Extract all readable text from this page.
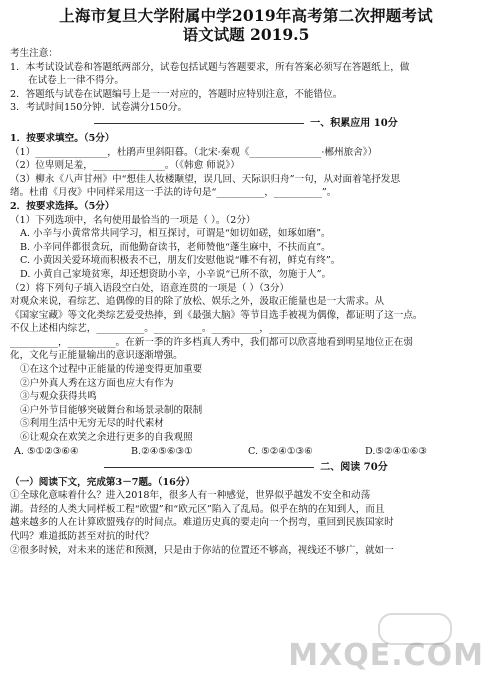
上海市复旦大学附属中学2019年高考第二次押题考试
语文试题 2019.5
考生注意：
1．本考试设试卷和答题纸两部分，试卷包括试题与答题要求，所有答案必须写在答题纸上，做
在试卷上一律不得分。
2．答题纸与试卷在试题编号上是一一对应的，答题时应特别注意，不能错位。
3．考试时间150分钟．试卷满分150分。
一、积累应用 10分
1．按要求填空。（5分）
（1）_______________，杜鹃声里斜阳暮。（北宋·秦观《_______________·郴州旅舍》）
（2）位卑则足羞，_______________。（《韩愈 师说》）
（3）柳永《八声甘州》中“想佳人妆楼颙望，误几回、天际识归舟”一句，从对面着笔抒发思
绪。杜甫《月夜》中同样采用这一手法的诗句是“__________，__________”。
2．按要求选择。（5分）
（1）下列选项中，名句使用最恰当的一项是（ ）。（2分）
A. 小辛与小黄常常共同学习，相互探讨，可谓是“如切如磋，如琢如磨”。
B. 小辛同伴都很贪玩，而他勤奋读书，老师赞他“蓬生麻中，不扶而直”。
C. 小黄因关爱环境而积极表不已，朋友们安慰他说“雕不有初，鲜克有终”。
D. 小黄自己家境贫寒，却还想资助小辛，小辛说“已所不欲，勿施于人”。
（2）将下列句子填入语段空白处，语意连贯的一项是（ ）（3分）
对观众来说，看综艺、追偶像的目的除了放松、娱乐之外，汲取正能量也是一大需求。从
《国家宝藏》等文化类综艺爱受热捧，到《最强大脑》等节目选手被视为偶像，都证明了这一点。
不仅上述相内综艺，__________。__________。__________，__________
__________，__________。在新一季的许多档真人秀中，我们都可以欣喜地看到明星地位正在弱
化，文化与正能量输出的意识逐渐增强。
①在这个过程中正能量的传递变得更加重要
②户外真人秀在这方面也应大有作为
③与观众获得共鸣
④户外节目能够突破舞台和场景录制的限制
⑤利用生活中无穷无尽的时代素材
⑥让观众在欢笑之余进行更多的自我观照
A. ⑤①②③⑥④	B.②④⑤⑥③①	C. ⑤②④①③⑥	D.⑤②④①⑥③
二、阅读 70分
（一）阅读下文，完成第3－7题。（16分）
①全球化意味着什么？进入2018年，很多人有一种感觉，世界似乎越发不安全和动荡
湖。昔经的人类大同样板工程“欧盟”和“欧元区”陷入了乱局。似乎在纳的在知到人，而且
越来越多的人在计算欧盟残存的时间点。难道历史真的要走向一个拐弯，重回到民族国家时
代吗？难道抵防甚至对抗的时代？
②很多时候，对未来的迷茫和预测，只是由于你站的位置还不够高，视线还不够广，就如一
MXQE.COM
